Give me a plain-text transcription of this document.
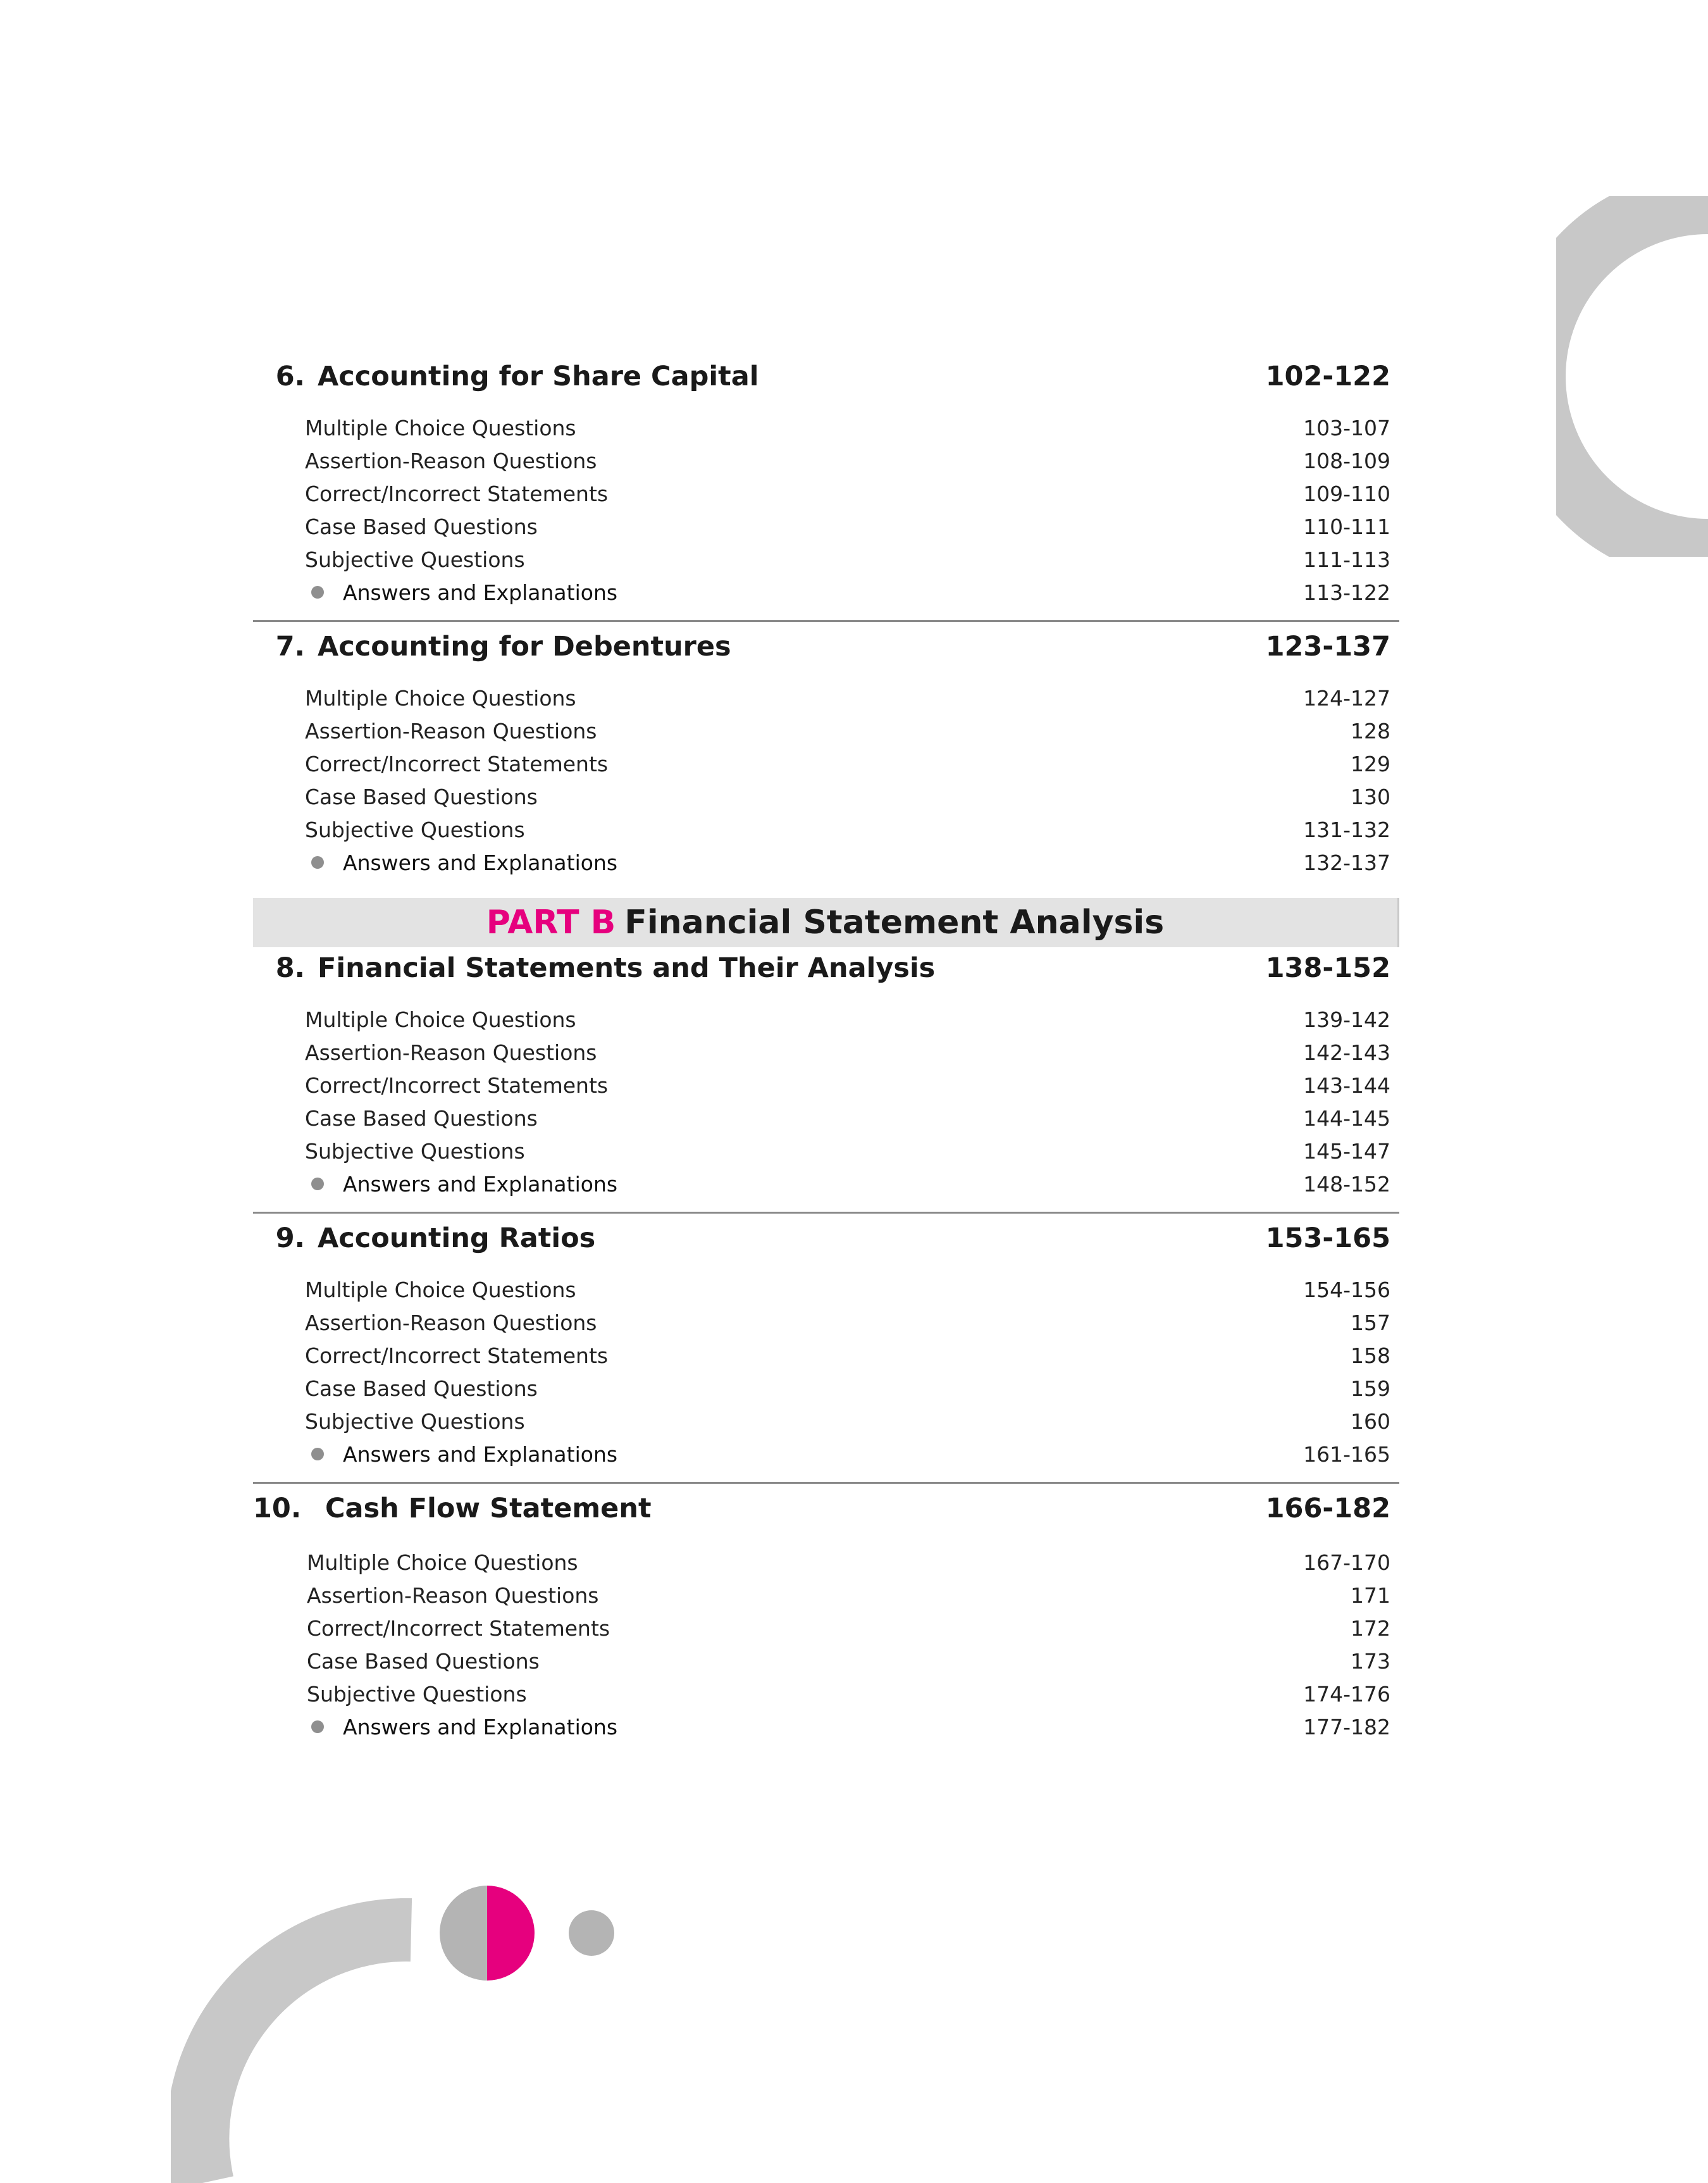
6. Accounting for Share Capital	102-122
Multiple Choice Questions	103-107
Assertion-Reason Questions	108-109
Correct/Incorrect Statements	109-110
Case Based Questions	110-111
Subjective Questions	111-113
Answers and Explanations	113-122
7. Accounting for Debentures	123-137
Multiple Choice Questions	124-127
Assertion-Reason Questions	128
Correct/Incorrect Statements	129
Case Based Questions	130
Subjective Questions	131-132
Answers and Explanations	132-137
PART B Financial Statement Analysis
8. Financial Statements and Their Analysis	138-152
Multiple Choice Questions	139-142
Assertion-Reason Questions	142-143
Correct/Incorrect Statements	143-144
Case Based Questions	144-145
Subjective Questions	145-147
Answers and Explanations	148-152
9. Accounting Ratios	153-165
Multiple Choice Questions	154-156
Assertion-Reason Questions	157
Correct/Incorrect Statements	158
Case Based Questions	159
Subjective Questions	160
Answers and Explanations	161-165
10. Cash Flow Statement	166-182
Multiple Choice Questions	167-170
Assertion-Reason Questions	171
Correct/Incorrect Statements	172
Case Based Questions	173
Subjective Questions	174-176
Answers and Explanations	177-182
